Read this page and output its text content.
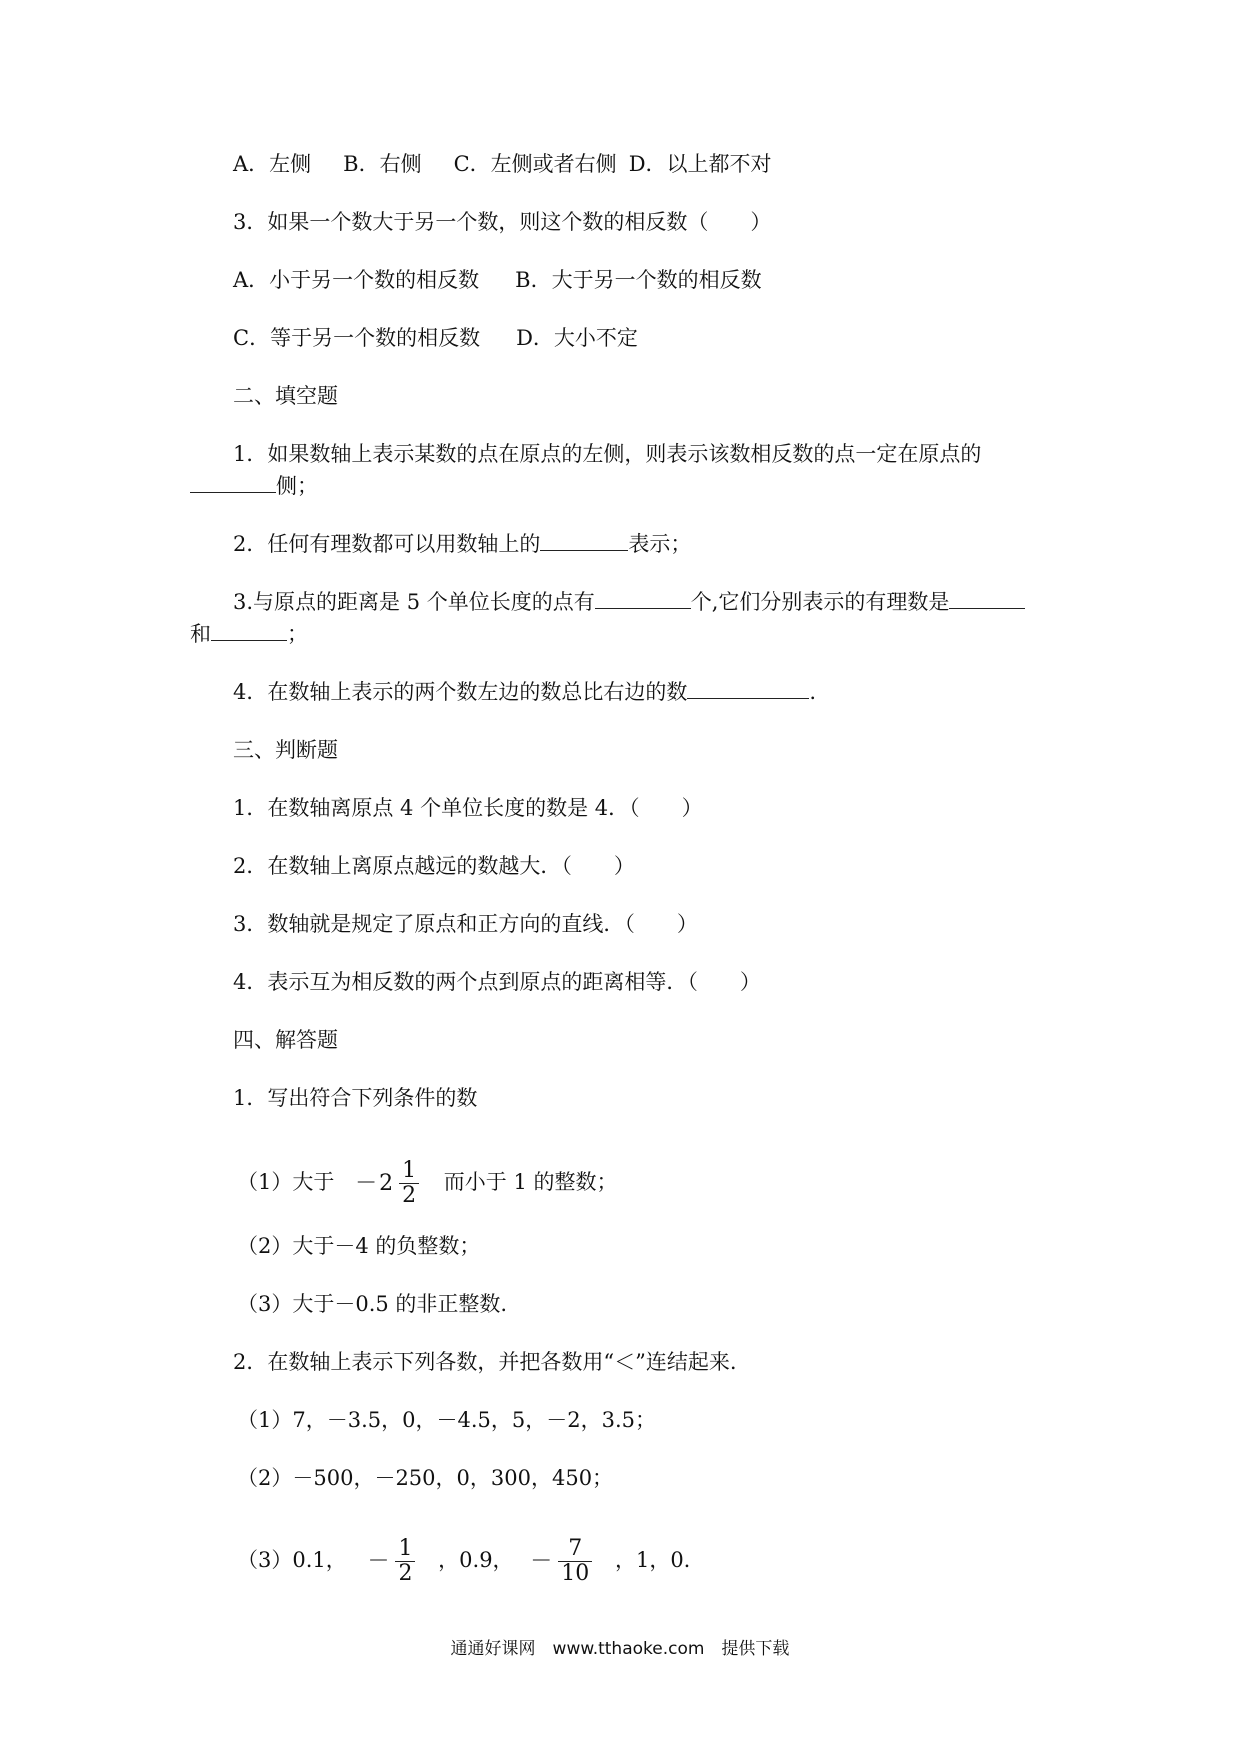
A．左侧 B．右侧 C．左侧或者右侧 D．以上都不对
3．如果一个数大于另一个数，则这个数的相反数（　　）
A．小于另一个数的相反数 B．大于另一个数的相反数
C．等于另一个数的相反数 D．大小不定
二、填空题
1．如果数轴上表示某数的点在原点的左侧，则表示该数相反数的点一定在原点的
侧；
2．任何有理数都可以用数轴上的	表示；
3.与原点的距离是 5 个单位长度的点有	个,它们分别表示的有理数是
和	；
4．在数轴上表示的两个数左边的数总比右边的数	.
三、判断题
1．在数轴离原点 4 个单位长度的数是 4．（　　）
2．在数轴上离原点越远的数越大．（　　）
3．数轴就是规定了原点和正方向的直线．（　　）
4．表示互为相反数的两个点到原点的距离相等．（　　）
四、解答题
1．写出符合下列条件的数
（1）大于 － $2 \frac{1}{2}$ 而小于 1 的整数；
（2）大于－4 的负整数；
（3）大于－0.5 的非正整数.
2．在数轴上表示下列各数，并把各数用“＜”连结起来.
（1）7，－3.5，0，－4.5，5，－2，3.5；
（2）－500，－250，0，300，450；
（3）0.1， － $\frac{1}{2}$ ，0.9， － $\frac{7}{10}$ ，1，0.
通通好课网　www.tthaoke.com　提供下载
